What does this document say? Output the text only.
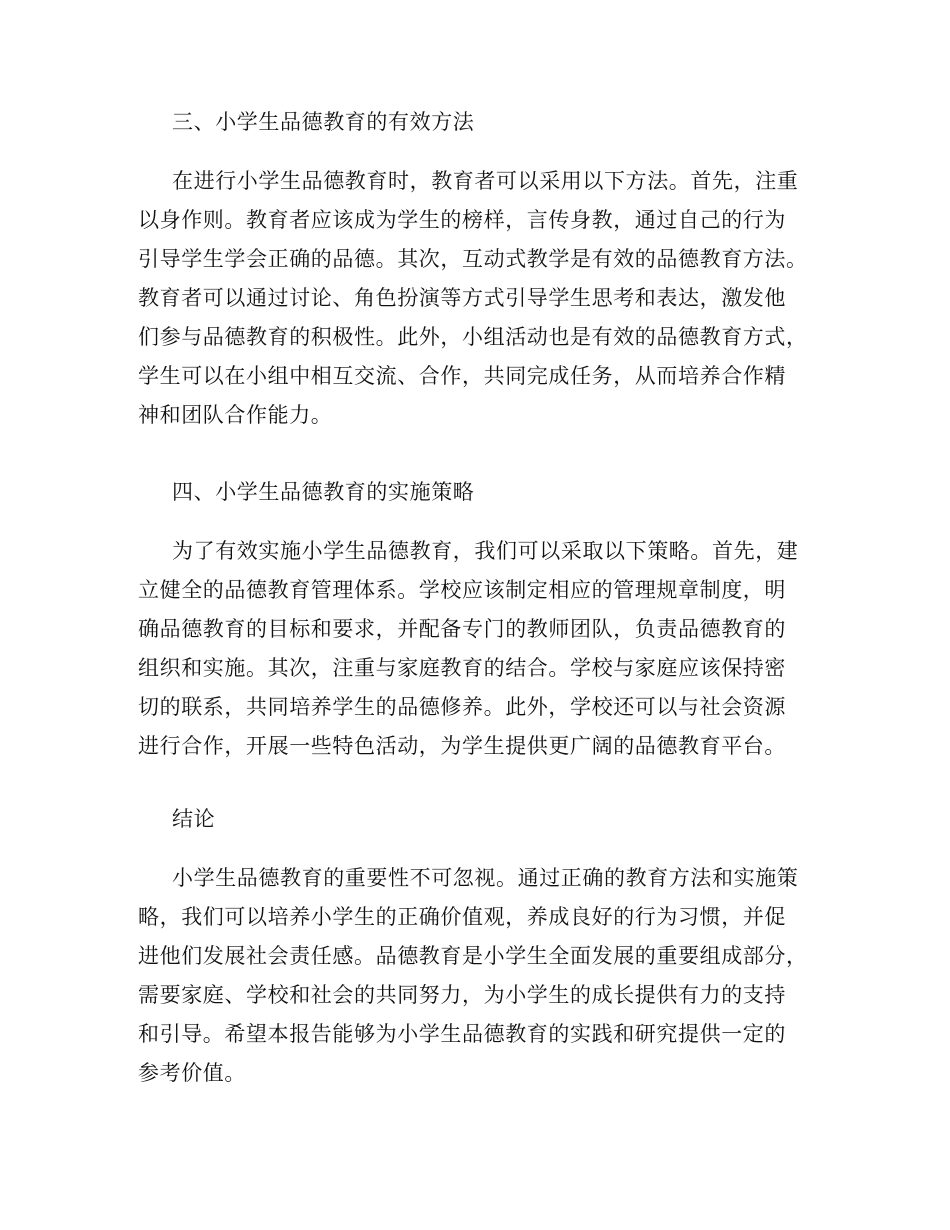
三、小学生品德教育的有效方法

在进行小学生品德教育时，教育者可以采用以下方法。首先，注重

以身作则。教育者应该成为学生的榜样，言传身教，通过自己的行为

引导学生学会正确的品德。其次，互动式教学是有效的品德教育方法。

教育者可以通过讨论、角色扮演等方式引导学生思考和表达，激发他

们参与品德教育的积极性。此外，小组活动也是有效的品德教育方式，

学生可以在小组中相互交流、合作，共同完成任务，从而培养合作精

神和团队合作能力。

四、小学生品德教育的实施策略

为了有效实施小学生品德教育，我们可以采取以下策略。首先，建

立健全的品德教育管理体系。学校应该制定相应的管理规章制度，明

确品德教育的目标和要求，并配备专门的教师团队，负责品德教育的

组织和实施。其次，注重与家庭教育的结合。学校与家庭应该保持密

切的联系，共同培养学生的品德修养。此外，学校还可以与社会资源

进行合作，开展一些特色活动，为学生提供更广阔的品德教育平台。

结论

小学生品德教育的重要性不可忽视。通过正确的教育方法和实施策

略，我们可以培养小学生的正确价值观，养成良好的行为习惯，并促

进他们发展社会责任感。品德教育是小学生全面发展的重要组成部分，

需要家庭、学校和社会的共同努力，为小学生的成长提供有力的支持

和引导。希望本报告能够为小学生品德教育的实践和研究提供一定的

参考价值。
